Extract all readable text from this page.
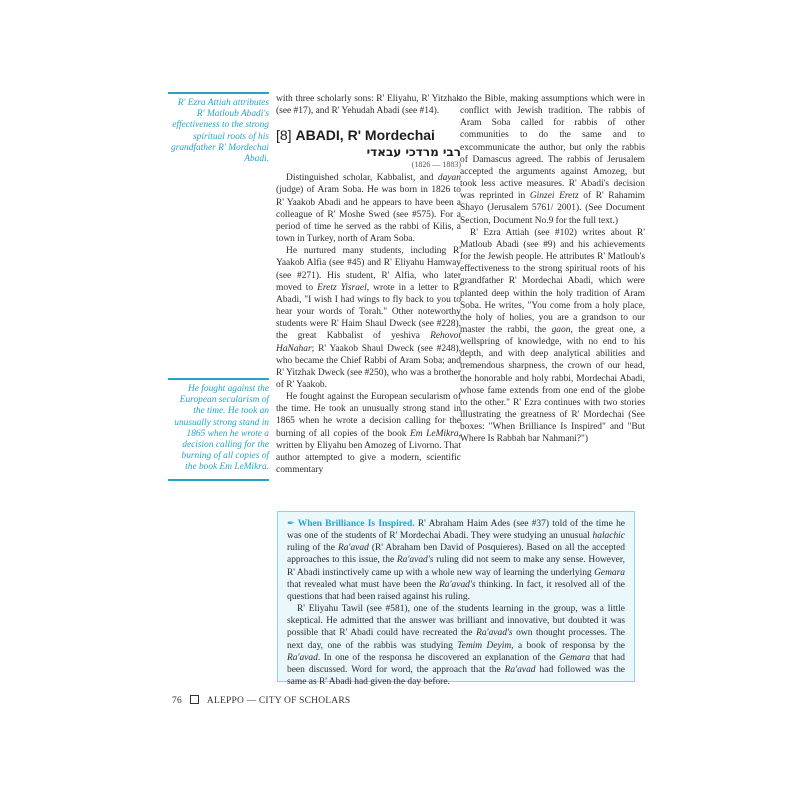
R' Ezra Attiah attributes R' Matloub Abadi's effectiveness to the strong spiritual roots of his grandfather R' Mordechai Abadi.
He fought against the European secularism of the time. He took an unusually strong stand in 1865 when he wrote a decision calling for the burning of all copies of the book Em LeMikra.

with three scholarly sons: R' Eliyahu, R' Yitzhak (see #17), and R' Yehudah Abadi (see #14).

[8] ABADI, R' Mordechai
רבי מרדכי עבאדי
(1826 — 1883)

Distinguished scholar, Kabbalist, and dayan (judge) of Aram Soba. He was born in 1826 to R' Yaakob Abadi and he appears to have been a colleague of R' Moshe Swed (see #575). For a period of time he served as the rabbi of Kilis, a town in Turkey, north of Aram Soba.

He nurtured many students, including R' Yaakob Alfia (see #45) and R' Eliyahu Hamway (see #271). His student, R' Alfia, who later moved to Eretz Yisrael, wrote in a letter to R' Abadi, "I wish I had wings to fly back to you to hear your words of Torah." Other noteworthy students were R' Haim Shaul Dweck (see #228), the great Kabbalist of yeshiva Rehovot HaNahar; R' Yaakob Shaul Dweck (see #248), who became the Chief Rabbi of Aram Soba; and R' Yitzhak Dweck (see #250), who was a brother of R' Yaakob.

He fought against the European secularism of the time. He took an unusually strong stand in 1865 when he wrote a decision calling for the burning of all copies of the book Em LeMikra, written by Eliyahu ben Amozeg of Livorno. That author attempted to give a modern, scientific commentary

to the Bible, making assumptions which were in conflict with Jewish tradition. The rabbis of Aram Soba called for rabbis of other communities to do the same and to excommunicate the author, but only the rabbis of Damascus agreed. The rabbis of Jerusalem accepted the arguments against Amozeg, but took less active measures. R' Abadi's decision was reprinted in Ginzei Eretz of R' Rahamim Shayo (Jerusalem 5761/ 2001). (See Document Section, Document No.9 for the full text.)

R' Ezra Attiah (see #102) writes about R' Matloub Abadi (see #9) and his achievements for the Jewish people. He attributes R' Matloub's effectiveness to the strong spiritual roots of his grandfather R' Mordechai Abadi, which were planted deep within the holy tradition of Aram Soba. He writes, "You come from a holy place, the holy of holies, you are a grandson to our master the rabbi, the gaon, the great one, a wellspring of knowledge, with no end to his depth, and with deep analytical abilities and tremendous sharpness, the crown of our head, the honorable and holy rabbi, Mordechai Abadi, whose fame extends from one end of the globe to the other." R' Ezra continues with two stories illustrating the greatness of R' Mordechai (See boxes: "When Brilliance Is Inspired" and "But Where Is Rabbah bar Nahmani?")

✒ When Brilliance Is Inspired. R' Abraham Haim Ades (see #37) told of the time he was one of the students of R' Mordechai Abadi. They were studying an unusual halachic ruling of the Ra'avad (R' Abraham ben David of Posquieres). Based on all the accepted approaches to this issue, the Ra'avad's ruling did not seem to make any sense. However, R' Abadi instinctively came up with a whole new way of learning the underlying Gemara that revealed what must have been the Ra'avad's thinking. In fact, it resolved all of the questions that had been raised against his ruling.

R' Eliyahu Tawil (see #581), one of the students learning in the group, was a little skeptical. He admitted that the answer was brilliant and innovative, but doubted it was possible that R' Abadi could have recreated the Ra'avad's own thought processes. The next day, one of the rabbis was studying Temim Deyim, a book of responsa by the Ra'avad. In one of the responsa he discovered an explanation of the Gemara that had been discussed. Word for word, the approach that the Ra'avad had followed was the same as R' Abadi had given the day before.

76	ALEPPO — CITY OF SCHOLARS
